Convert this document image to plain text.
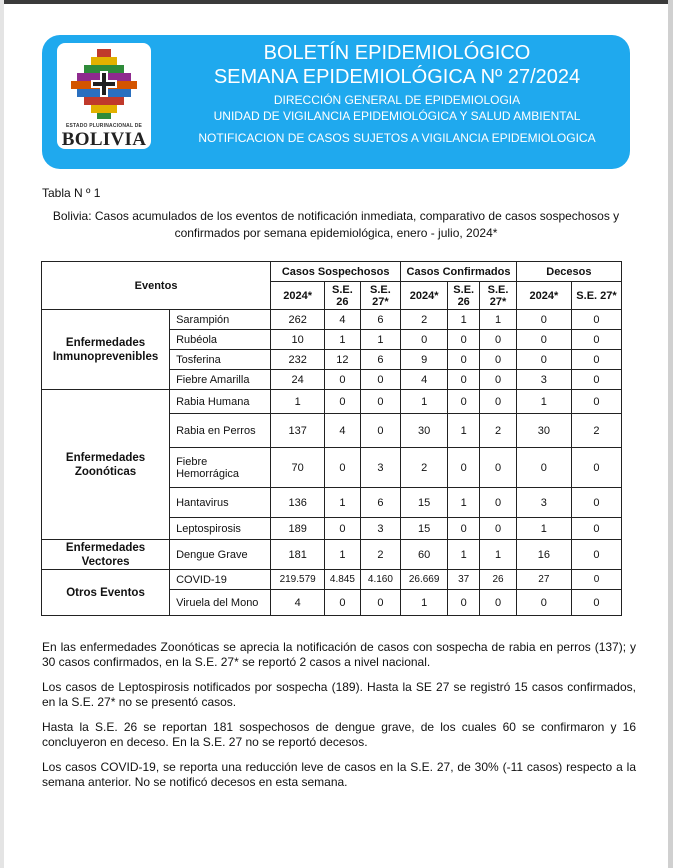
ESTADO PLURINACIONAL DE
BOLIVIA
BOLETÍN EPIDEMIOLÓGICO
SEMANA EPIDEMIOLÓGICA Nº 27/2024
DIRECCIÓN GENERAL DE EPIDEMIOLOGIA
UNIDAD DE VIGILANCIA EPIDEMIOLÓGICA Y SALUD AMBIENTAL
NOTIFICACION DE CASOS SUJETOS A VIGILANCIA EPIDEMIOLOGICA
Tabla N º 1
Bolivia: Casos acumulados de los eventos de notificación inmediata, comparativo de casos sospechosos y confirmados por semana epidemiológica, enero - julio, 2024*
Eventos		Casos Sospechosos			Casos Confirmados			Decesos	
		2024*	S.E. 26	S.E. 27*	2024*	S.E. 26	S.E. 27*	2024*	S.E. 27*
Enfermedades Inmunoprevenibles	Sarampión	262	4	6	2	1	1	0	0
	Rubéola	10	1	1	0	0	0	0	0
	Tosferina	232	12	6	9	0	0	0	0
	Fiebre Amarilla	24	0	0	4	0	0	3	0
Enfermedades Zoonóticas	Rabia Humana	1	0	0	1	0	0	1	0
	Rabia en Perros	137	4	0	30	1	2	30	2
	Fiebre Hemorrágica	70	0	3	2	0	0	0	0
	Hantavirus	136	1	6	15	1	0	3	0
	Leptospirosis	189	0	3	15	0	0	1	0
Enfermedades Vectores	Dengue Grave	181	1	2	60	1	1	16	0
Otros Eventos	COVID-19	219.579	4.845	4.160	26.669	37	26	27	0
	Viruela del Mono	4	0	0	1	0	0	0	0

En las enfermedades Zoonóticas se aprecia la notificación de casos con sospecha de rabia en perros (137); y 30 casos confirmados, en la S.E. 27* se reportó 2 casos a nivel nacional.

Los casos de Leptospirosis notificados por sospecha (189). Hasta la SE 27 se registró 15 casos confirmados, en la S.E. 27* no se presentó casos.

Hasta la S.E. 26 se reportan 181 sospechosos de dengue grave, de los cuales 60 se confirmaron y 16 concluyeron en deceso. En la S.E. 27 no se reportó decesos.

Los casos COVID-19, se reporta una reducción leve de casos en la S.E. 27, de 30% (-11 casos) respecto a la semana anterior. No se notificó decesos en esta semana.
